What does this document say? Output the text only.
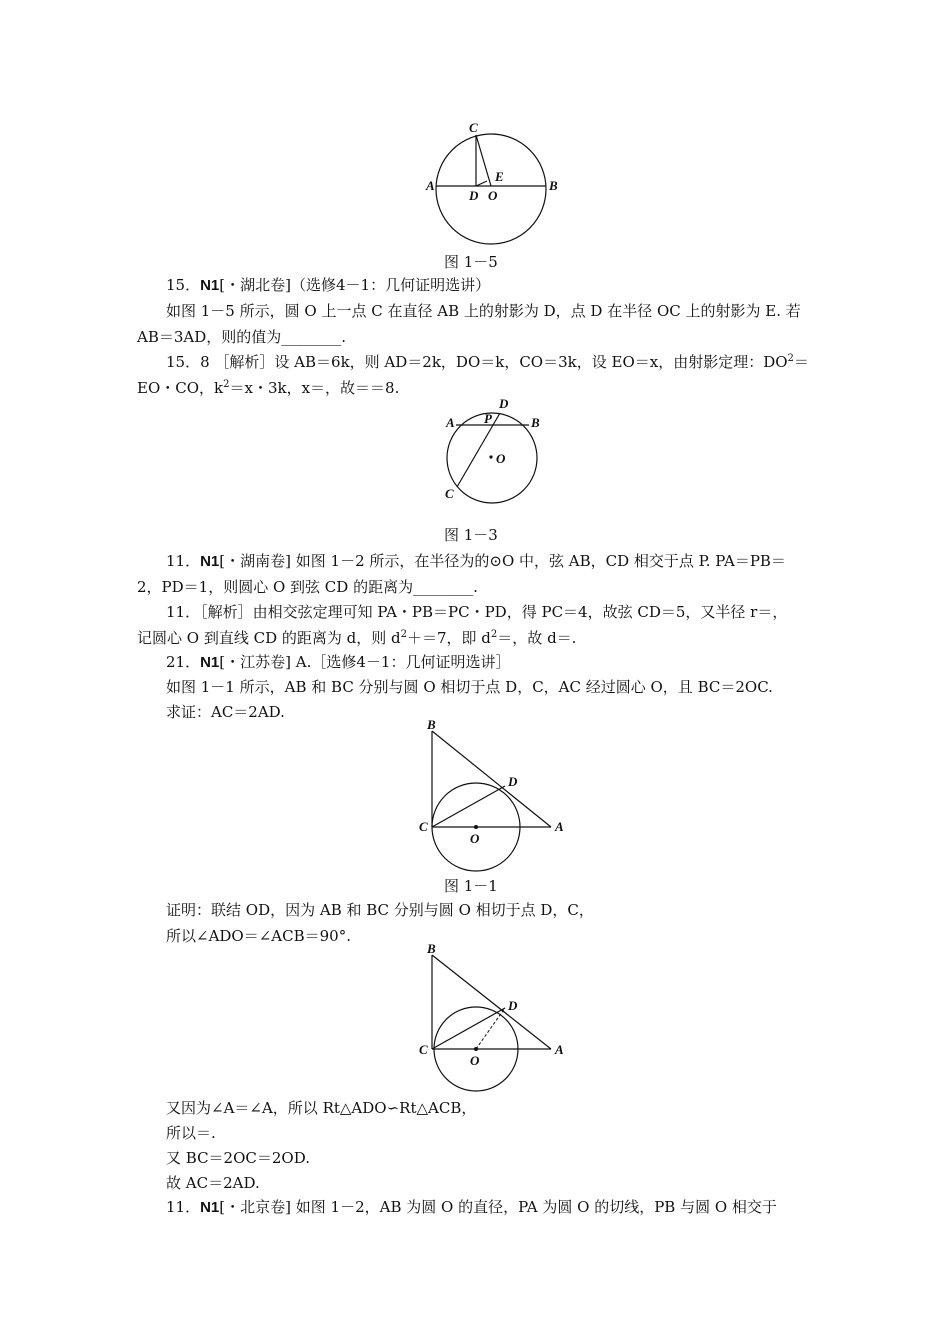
C
A	B
E
D O
图 1－5
15．N1[・湖北卷]（选修4－1：几何证明选讲）
如图 1－5 所示，圆 O 上一点 C 在直径 AB 上的射影为 D，点 D 在半径 OC 上的射影为 E. 若
AB＝3AD，则的值为________.
15．8 ［解析］设 AB＝6k，则 AD＝2k，DO＝k，CO＝3k，设 EO＝x，由射影定理：$DO^2=$
EO・CO，$k^2=x$・3k，x＝，故＝＝8.
D
A P	B
O
C
图 1－3
11．N1[・湖南卷] 如图 1－2 所示，在半径为的⊙O 中，弦 AB，CD 相交于点 P. PA＝PB＝
2，PD＝1，则圆心 O 到弦 CD 的距离为________.
11．［解析］由相交弦定理可知 PA・PB＝PC・PD，得 PC＝4，故弦 CD＝5，又半径 r＝，
记圆心 O 到直线 CD 的距离为 d，则 $d^2+=7$，即 $d^2=$，故 d＝.
21．N1[・江苏卷] A.［选修4－1：几何证明选讲］
如图 1－1 所示，AB 和 BC 分别与圆 O 相切于点 D，C，AC 经过圆心 O，且 BC＝2OC.
求证：AC＝2AD.
B
D
C	A
O
图 1－1
证明：联结 OD，因为 AB 和 BC 分别与圆 O 相切于点 D，C，
所以∠ADO＝∠ACB＝90°.
B
D
C	A
O
又因为∠A＝∠A，所以 Rt△ADO∽Rt△ACB，
所以＝.
又 BC＝2OC＝2OD.
故 AC＝2AD.
11．N1[・北京卷] 如图 1－2，AB 为圆 O 的直径，PA 为圆 O 的切线，PB 与圆 O 相交于
